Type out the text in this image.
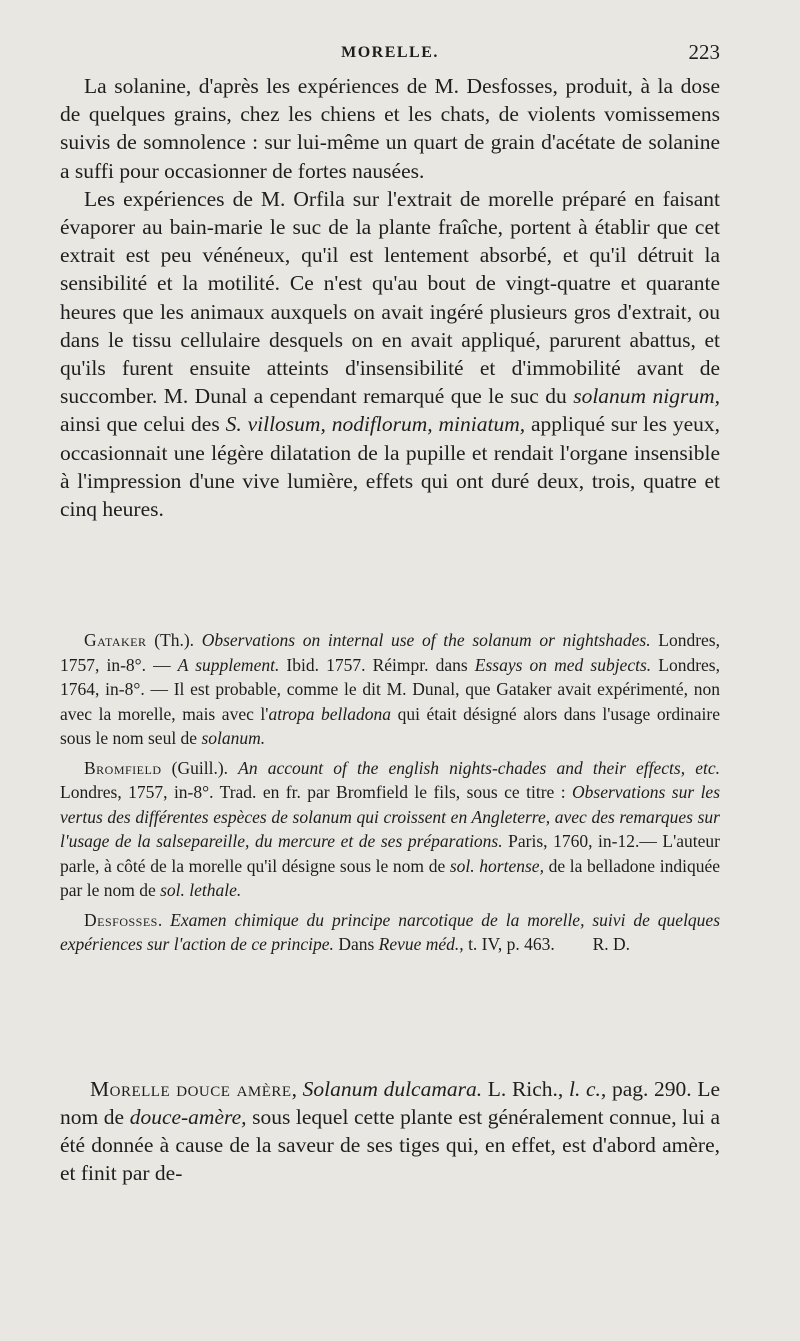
MORELLE.	223

La solanine, d'après les expériences de M. Desfosses, produit, à la dose de quelques grains, chez les chiens et les chats, de violents vomissemens suivis de somnolence : sur lui-même un quart de grain d'acétate de solanine a suffi pour occasionner de fortes nausées.

Les expériences de M. Orfila sur l'extrait de morelle préparé en faisant évaporer au bain-marie le suc de la plante fraîche, portent à établir que cet extrait est peu vénéneux, qu'il est lentement absorbé, et qu'il détruit la sensibilité et la motilité. Ce n'est qu'au bout de vingt-quatre et quarante heures que les animaux auxquels on avait ingéré plusieurs gros d'extrait, ou dans le tissu cellulaire desquels on en avait appliqué, parurent abattus, et qu'ils furent ensuite atteints d'insensibilité et d'immobilité avant de succomber. M. Dunal a cependant remarqué que le suc du solanum nigrum, ainsi que celui des S. villosum, nodiflorum, miniatum, appliqué sur les yeux, occasionnait une légère dilatation de la pupille et rendait l'organe insensible à l'impression d'une vive lumière, effets qui ont duré deux, trois, quatre et cinq heures.

Gataker (Th.). Observations on internal use of the solanum or nightshades. Londres, 1757, in-8°. — A supplement. Ibid. 1757. Réimpr. dans Essays on med subjects. Londres, 1764, in-8°. — Il est probable, comme le dit M. Dunal, que Gataker avait expérimenté, non avec la morelle, mais avec l'atropa belladona qui était désigné alors dans l'usage ordinaire sous le nom seul de solanum.

Bromfield (Guill.). An account of the english nights-chades and their effects, etc. Londres, 1757, in-8°. Trad. en fr. par Bromfield le fils, sous ce titre : Observations sur les vertus des différentes espèces de solanum qui croissent en Angleterre, avec des remarques sur l'usage de la salsepareille, du mercure et de ses préparations. Paris, 1760, in-12.— L'auteur parle, à côté de la morelle qu'il désigne sous le nom de sol. hortense, de la belladone indiquée par le nom de sol. lethale.

Desfosses. Examen chimique du principe narcotique de la morelle, suivi de quelques expériences sur l'action de ce principe. Dans Revue méd., t. IV, p. 463.	R. D.

Morelle douce amère, Solanum dulcamara. L. Rich., l. c., pag. 290. Le nom de douce-amère, sous lequel cette plante est généralement connue, lui a été donnée à cause de la saveur de ses tiges qui, en effet, est d'abord amère, et finit par de-
